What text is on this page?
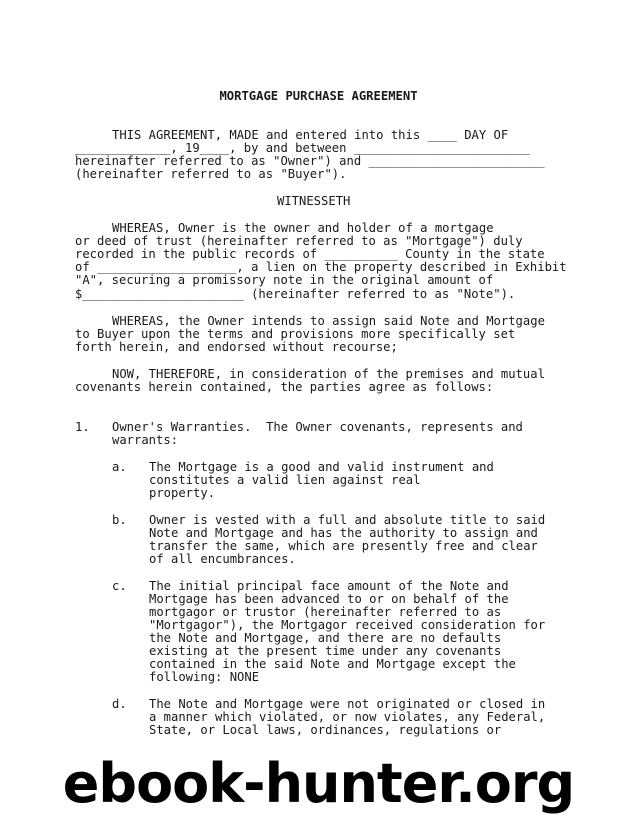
MORTGAGE PURCHASE AGREEMENT
THIS AGREEMENT, MADE and entered into this ____ DAY OF
_____________, 19____, by and between ________________________
hereinafter referred to as "Owner") and ________________________
(hereinafter referred to as "Buyer").
WITNESSETH
WHEREAS, Owner is the owner and holder of a mortgage
or deed of trust (hereinafter referred to as "Mortgage") duly
recorded in the public records of __________ County in the state
of ___________________, a lien on the property described in Exhibit
"A", securing a promissory note in the original amount of
$______________________ (hereinafter referred to as "Note").
WHEREAS, the Owner intends to assign said Note and Mortgage
to Buyer upon the terms and provisions more specifically set
forth herein, and endorsed without recourse;
NOW, THEREFORE, in consideration of the premises and mutual
covenants herein contained, the parties agree as follows:
1. Owner's Warranties.  The Owner covenants, represents and
warrants:
a. The Mortgage is a good and valid instrument and
constitutes a valid lien against real
property.
b. Owner is vested with a full and absolute title to said
Note and Mortgage and has the authority to assign and
transfer the same, which are presently free and clear
of all encumbrances.
c. The initial principal face amount of the Note and
Mortgage has been advanced to or on behalf of the
mortgagor or trustor (hereinafter referred to as
"Mortgagor"), the Mortgagor received consideration for
the Note and Mortgage, and there are no defaults
existing at the present time under any covenants
contained in the said Note and Mortgage except the
following: NONE
d. The Note and Mortgage were not originated or closed in
a manner which violated, or now violates, any Federal,
State, or Local laws, ordinances, regulations or
ebook-hunter.org
